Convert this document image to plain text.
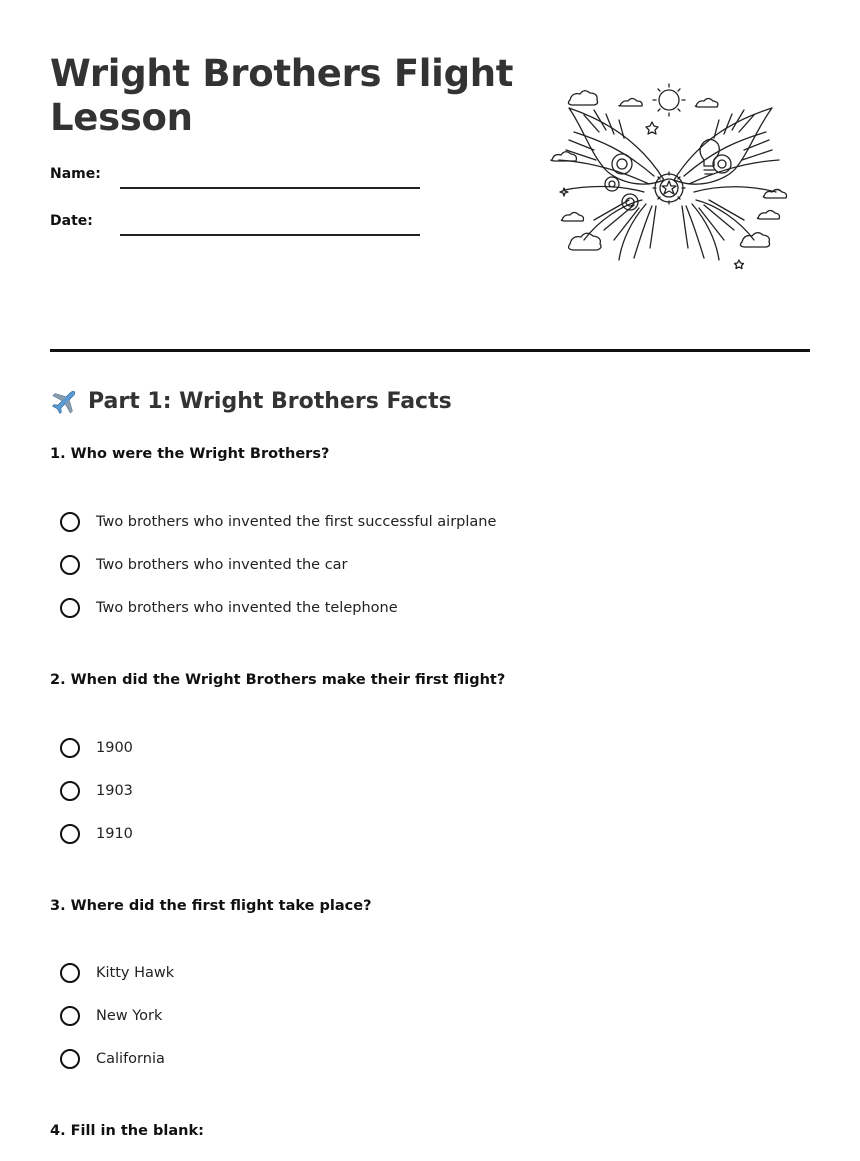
Wright Brothers Flight Lesson
Name:
Date:
Part 1: Wright Brothers Facts
1. Who were the Wright Brothers?
Two brothers who invented the first successful airplane
Two brothers who invented the car
Two brothers who invented the telephone
2. When did the Wright Brothers make their first flight?
1900
1903
1910
3. Where did the first flight take place?
Kitty Hawk
New York
California
4. Fill in the blank:
